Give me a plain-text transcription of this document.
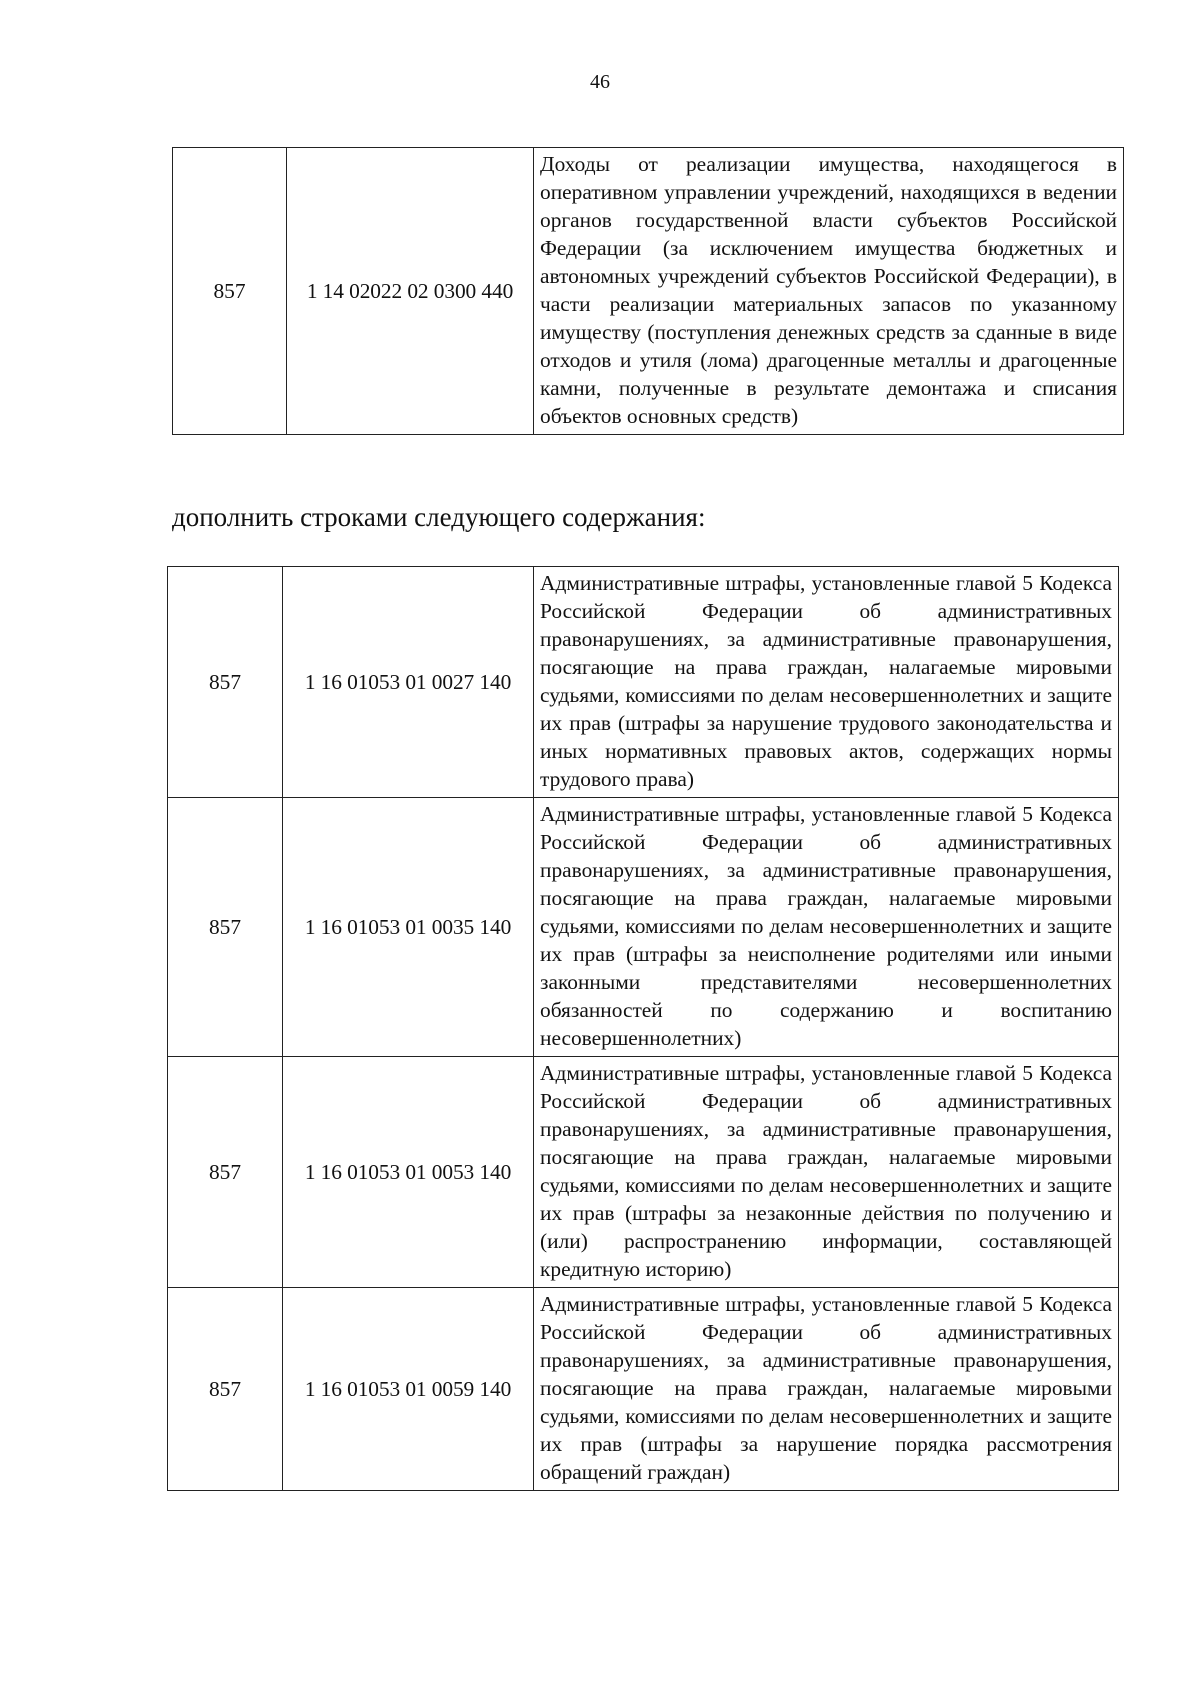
46
857	1 14 02022 02 0300 440	Доходы от реализации имущества, находящегося в оперативном управлении учреждений, находящихся в ведении органов государственной власти субъектов Российской Федерации (за исключением имущества бюджетных и автономных учреждений субъектов Российской Федерации), в части реализации материальных запасов по указанному имуществу (поступления денежных средств за сданные в виде отходов и утиля (лома) драгоценные металлы и драгоценные камни, полученные в результате демонтажа и списания объектов основных средств)
дополнить строками следующего содержания:
857	1 16 01053 01 0027 140	Административные штрафы, установленные главой 5 Кодекса Российской Федерации об административных правонарушениях, за административные правонарушения, посягающие на права граждан, налагаемые мировыми судьями, комиссиями по делам несовершеннолетних и защите их прав (штрафы за нарушение трудового законодательства и иных нормативных правовых актов, содержащих нормы трудового права)
857	1 16 01053 01 0035 140	Административные штрафы, установленные главой 5 Кодекса Российской Федерации об административных правонарушениях, за административные правонарушения, посягающие на права граждан, налагаемые мировыми судьями, комиссиями по делам несовершеннолетних и защите их прав (штрафы за неисполнение родителями или иными законными представителями несовершеннолетних обязанностей по содержанию и воспитанию несовершеннолетних)
857	1 16 01053 01 0053 140	Административные штрафы, установленные главой 5 Кодекса Российской Федерации об административных правонарушениях, за административные правонарушения, посягающие на права граждан, налагаемые мировыми судьями, комиссиями по делам несовершеннолетних и защите их прав (штрафы за незаконные действия по получению и (или) распространению информации, составляющей кредитную историю)
857	1 16 01053 01 0059 140	Административные штрафы, установленные главой 5 Кодекса Российской Федерации об административных правонарушениях, за административные правонарушения, посягающие на права граждан, налагаемые мировыми судьями, комиссиями по делам несовершеннолетних и защите их прав (штрафы за нарушение порядка рассмотрения обращений граждан)
